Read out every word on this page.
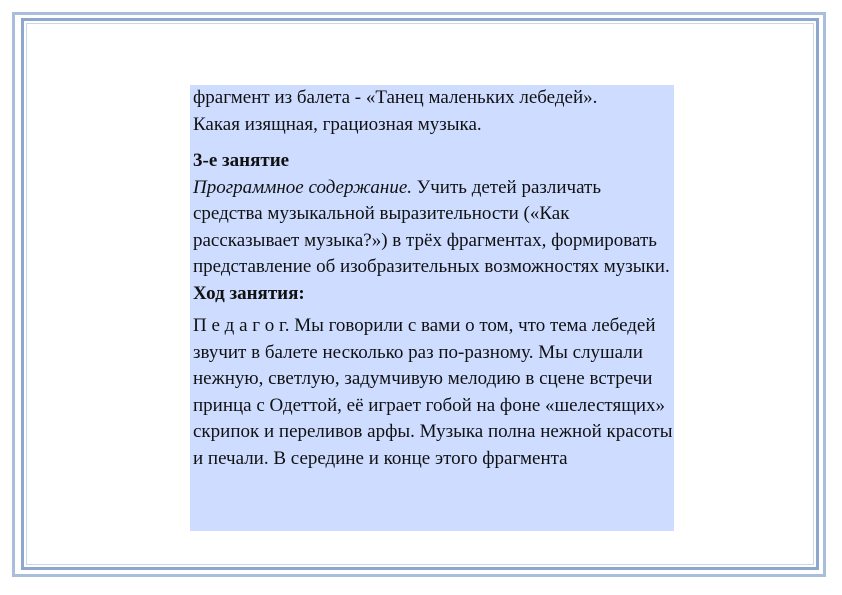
фрагмент из балета - «Танец маленьких лебедей».
Какая изящная, грациозная музыка.

3-е занятие

Программное содержание. Учить детей различать средства музыкальной выразительности («Как рассказывает музыка?») в трёх фрагментах, формировать представление об изобразительных возможностях музыки.

Ход занятия:

П е д а г о г. Мы говорили с вами о том, что тема лебедей звучит в балете несколько раз по-разному. Мы слушали нежную, светлую, задумчивую мелодию в сцене встречи принца с Одеттой, её играет гобой на фоне «шелестящих» скрипок и переливов арфы. Музыка полна нежной красоты и печали. В середине и конце этого фрагмента
